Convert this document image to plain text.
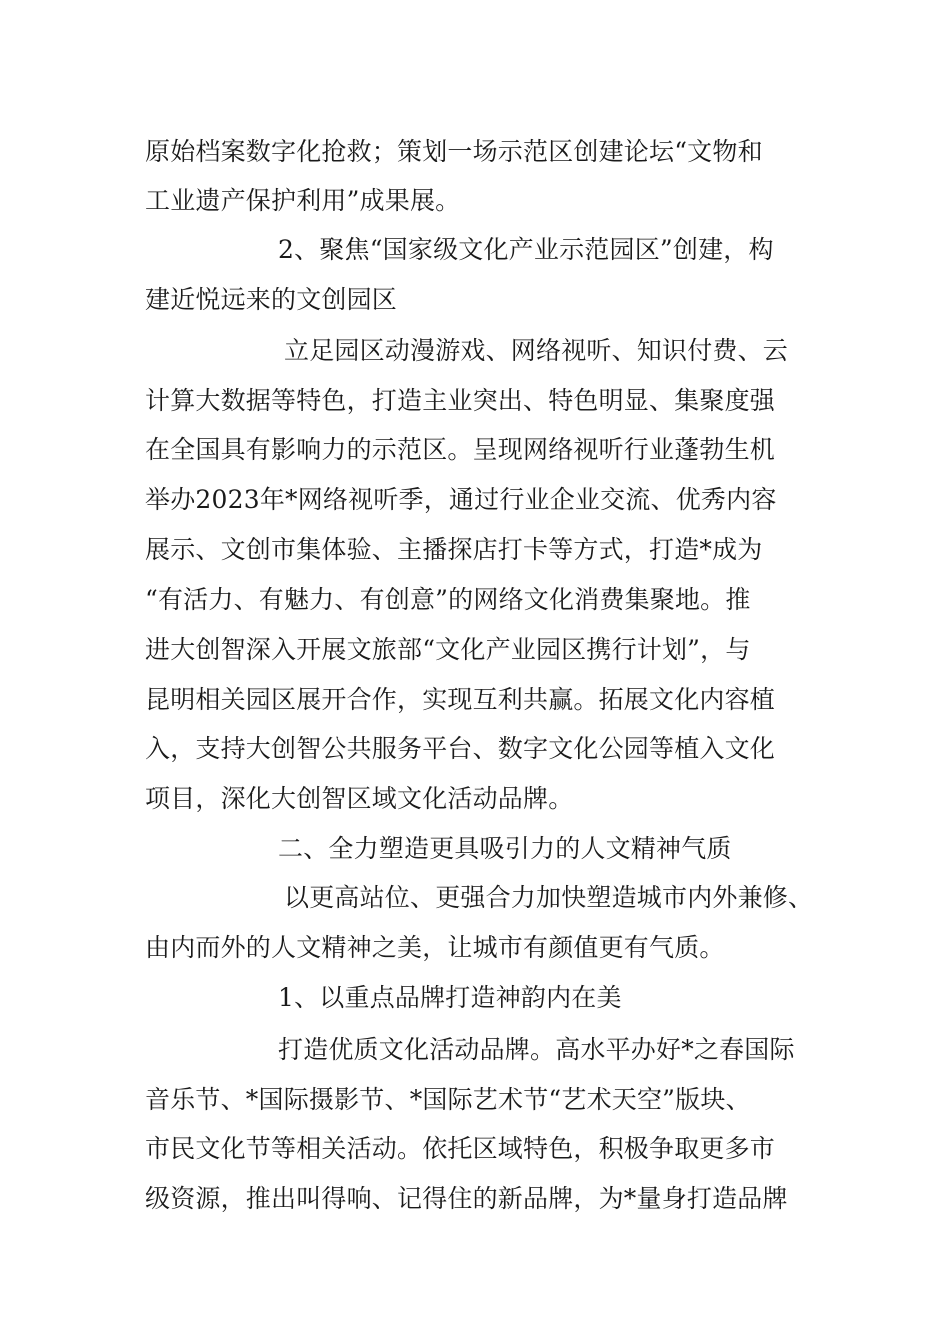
原始档案数字化抢救；策划一场示范区创建论坛“文物和
工业遗产保护利用”成果展。
2、聚焦“国家级文化产业示范园区”创建，构
建近悦远来的文创园区
立足园区动漫游戏、网络视听、知识付费、云
计算大数据等特色，打造主业突出、特色明显、集聚度强
在全国具有影响力的示范区。呈现网络视听行业蓬勃生机
举办2023年*网络视听季，通过行业企业交流、优秀内容
展示、文创市集体验、主播探店打卡等方式，打造*成为
“有活力、有魅力、有创意”的网络文化消费集聚地。推
进大创智深入开展文旅部“文化产业园区携行计划”，与
昆明相关园区展开合作，实现互利共赢。拓展文化内容植
入，支持大创智公共服务平台、数字文化公园等植入文化
项目，深化大创智区域文化活动品牌。
二、全力塑造更具吸引力的人文精神气质
以更高站位、更强合力加快塑造城市内外兼修、
由内而外的人文精神之美，让城市有颜值更有气质。
1、以重点品牌打造神韵内在美
打造优质文化活动品牌。高水平办好*之春国际
音乐节、*国际摄影节、*国际艺术节“艺术天空”版块、
市民文化节等相关活动。依托区域特色，积极争取更多市
级资源，推出叫得响、记得住的新品牌，为*量身打造品牌
